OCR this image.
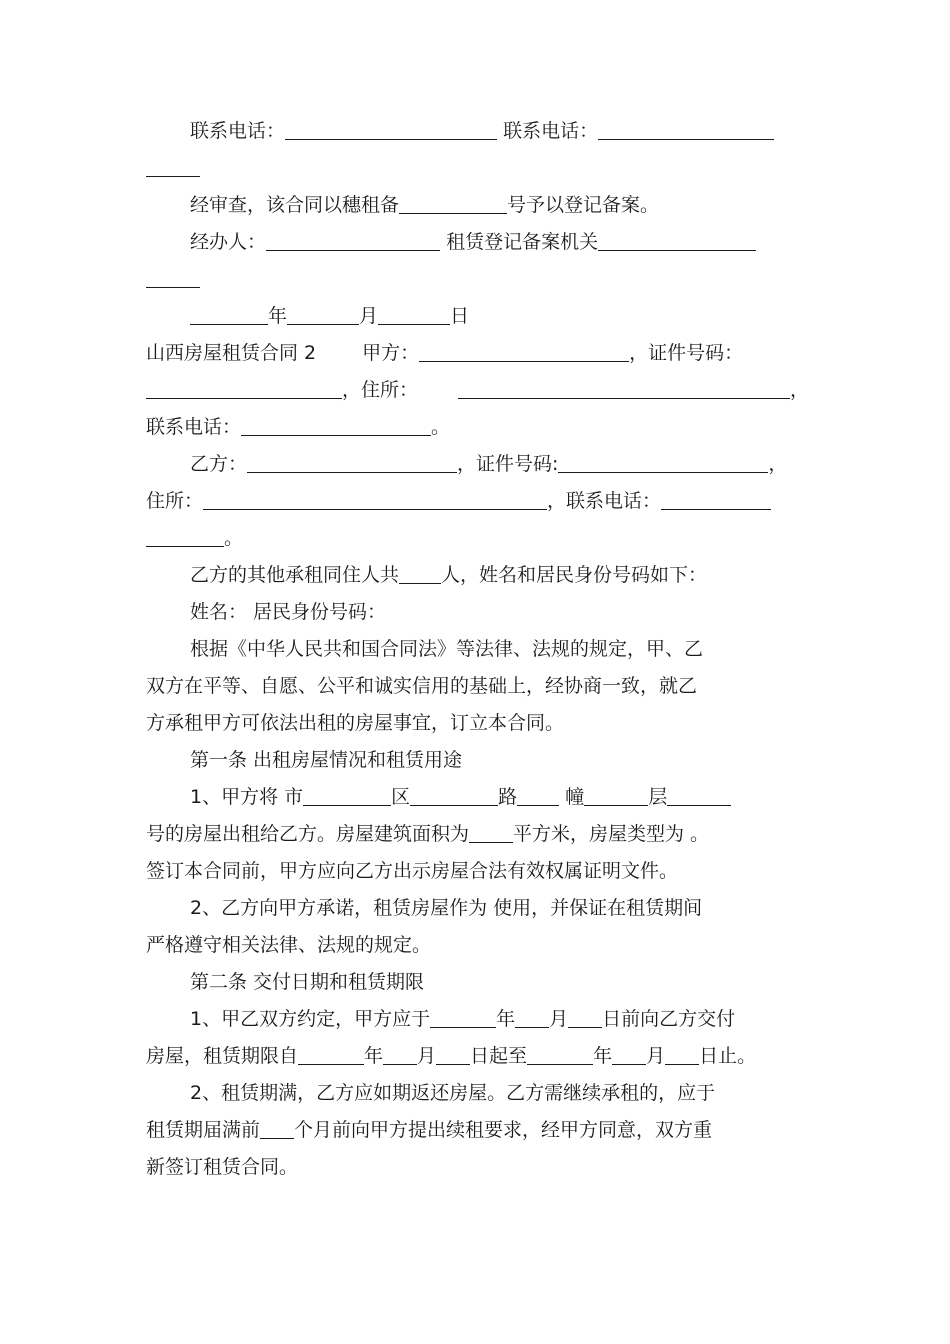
联系电话：	联系电话：
经审查，该合同以穗租备	号予以登记备案。
经办人：	租赁登记备案机关
年	月	日
山西房屋租赁合同 2 甲方：	，证件号码：
，住所：	，
联系电话：	。
乙方：	，证件号码:	，
住所：	，联系电话：
。
乙方的其他承租同住人共 人，姓名和居民身份号码如下：
姓名： 居民身份号码：
根据《中华人民共和国合同法》等法律、法规的规定，甲、乙
双方在平等、自愿、公平和诚实信用的基础上，经协商一致，就乙
方承租甲方可依法出租的房屋事宜，订立本合同。
第一条 出租房屋情况和租赁用途
1、甲方将 市	区	路	幢	层
号的房屋出租给乙方。房屋建筑面积为 平方米，房屋类型为 。
签订本合同前，甲方应向乙方出示房屋合法有效权属证明文件。
2、乙方向甲方承诺，租赁房屋作为 使用，并保证在租赁期间
严格遵守相关法律、法规的规定。
第二条 交付日期和租赁期限
1、甲乙双方约定，甲方应于	年 月 日前向乙方交付
房屋，租赁期限自	年 月 日起至	年 月 日止。
2、租赁期满，乙方应如期返还房屋。乙方需继续承租的，应于
租赁期届满前 个月前向甲方提出续租要求，经甲方同意，双方重
新签订租赁合同。
